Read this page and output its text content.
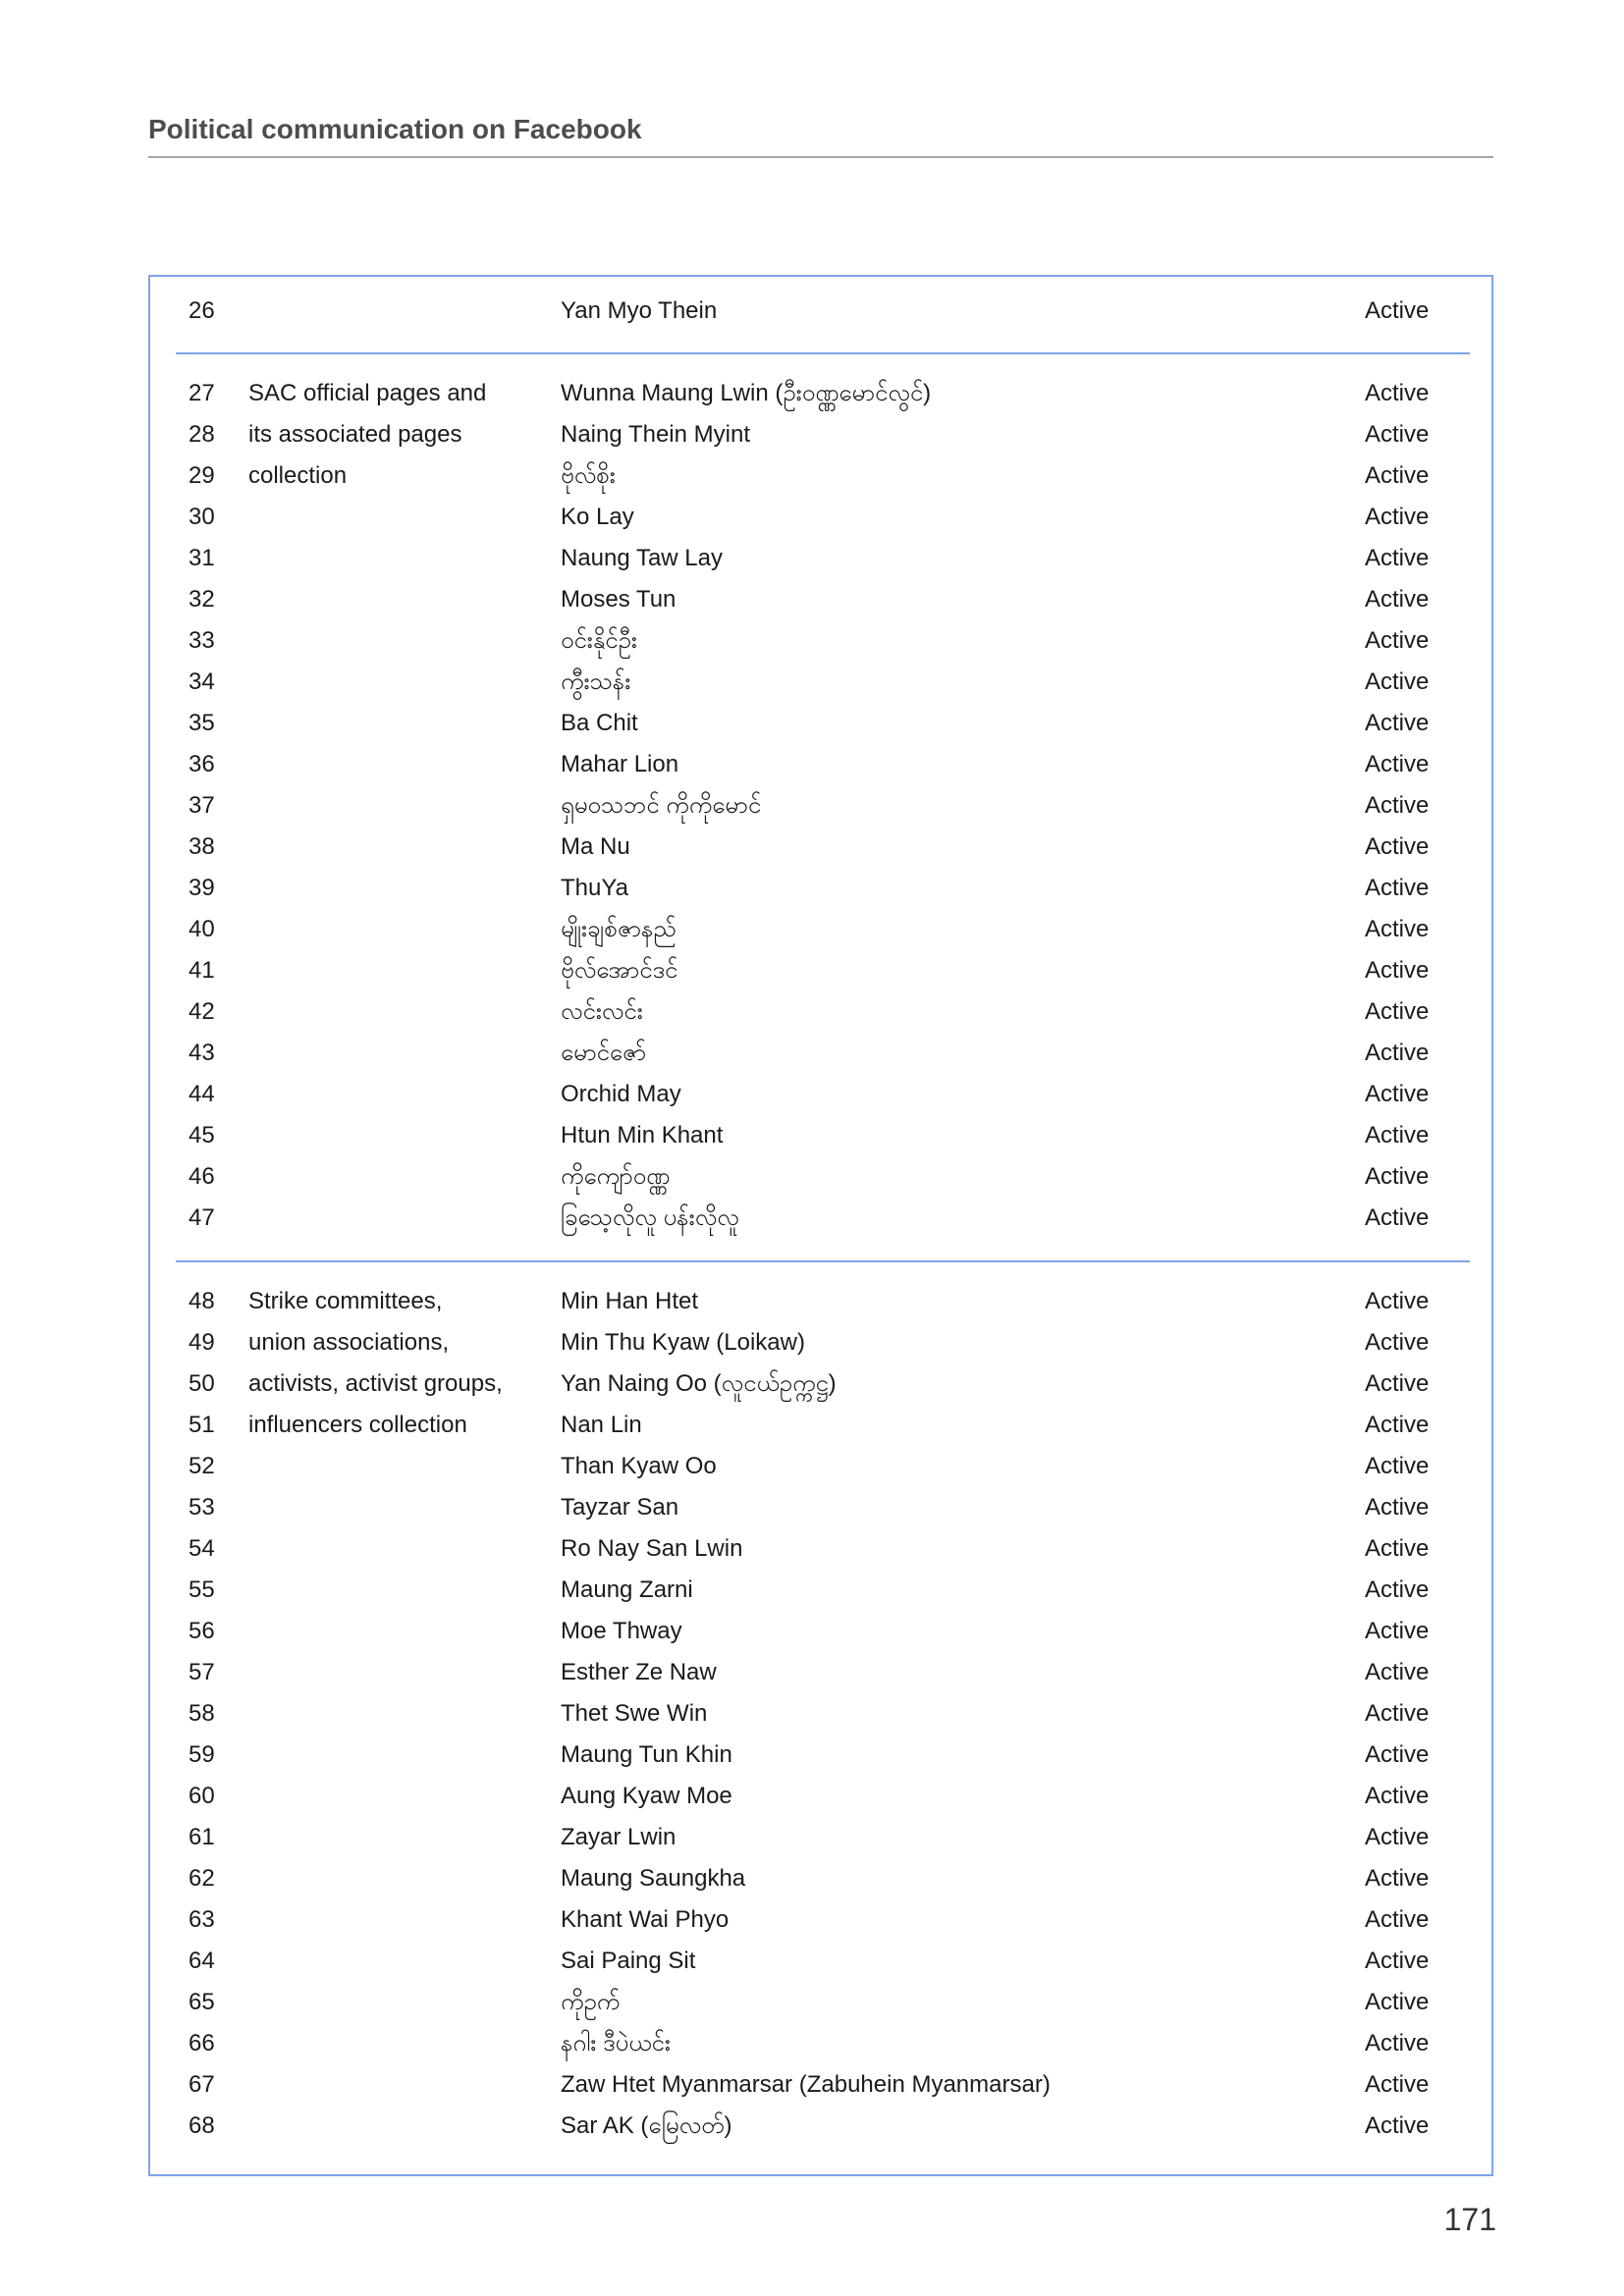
Political communication on Facebook
26	Yan Myo Thein	Active
SAC official pages and
its associated pages
collection
27	Wunna Maung Lwin (ဦးဝဏ္ဏမောင်လွင်)	Active
28	Naing Thein Myint	Active
29	ဗိုလ်စိုး	Active
30	Ko Lay	Active
31	Naung Taw Lay	Active
32	Moses Tun	Active
33	ဝင်းနိုင်ဦး	Active
34	ကွီးသန်း	Active
35	Ba Chit	Active
36	Mahar Lion	Active
37	ရှမဝသဘင် ကိုကိုမောင်	Active
38	Ma Nu	Active
39	ThuYa	Active
40	မျိုးချစ်ဇာနည်	Active
41	ဗိုလ်အောင်ဒင်	Active
42	လင်းလင်း	Active
43	မောင်ဇော်	Active
44	Orchid May	Active
45	Htun Min Khant	Active
46	ကိုကျော်ဝဏ္ဏ	Active
47	ခြသေ့လိုလူ ပန်းလိုလူ	Active
Strike committees,
union associations,
activists, activist groups,
influencers collection
48	Min Han Htet	Active
49	Min Thu Kyaw (Loikaw)	Active
50	Yan Naing Oo (လူငယ်ဥက္ကဋ္ဌ)	Active
51	Nan Lin	Active
52	Than Kyaw Oo	Active
53	Tayzar San	Active
54	Ro Nay San Lwin	Active
55	Maung Zarni	Active
56	Moe Thway	Active
57	Esther Ze Naw	Active
58	Thet Swe Win	Active
59	Maung Tun Khin	Active
60	Aung Kyaw Moe	Active
61	Zayar Lwin	Active
62	Maung Saungkha	Active
63	Khant Wai Phyo	Active
64	Sai Paing Sit	Active
65	ကိုဥက်	Active
66	နဂါး ဒီပဲယင်း	Active
67	Zaw Htet Myanmarsar (Zabuhein Myanmarsar)	Active
68	Sar AK (မြေလတ်)	Active
171
